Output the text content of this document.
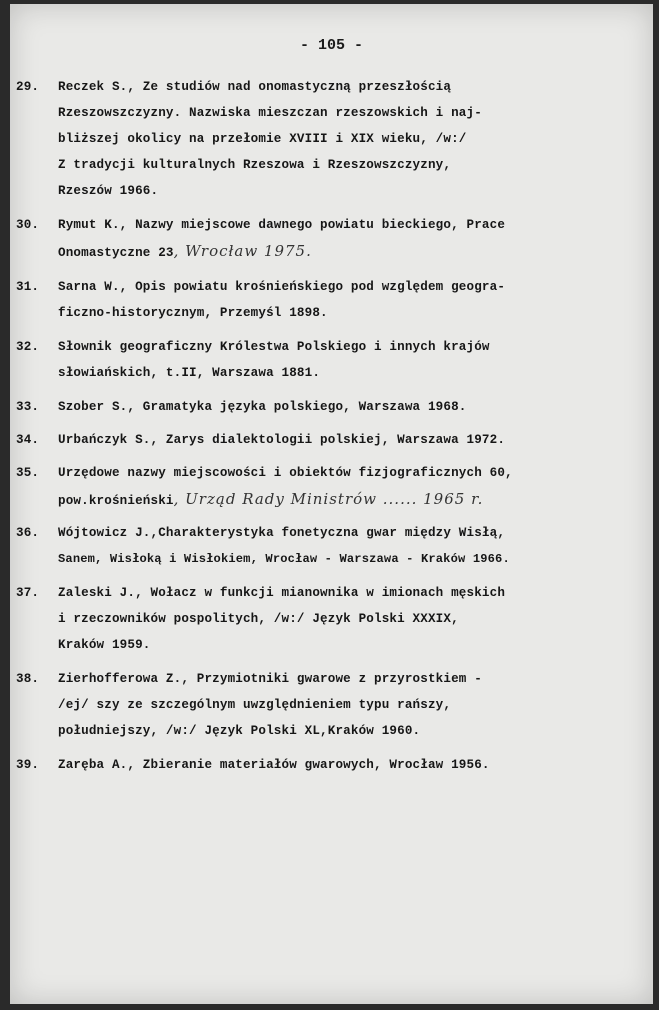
- 105 -
29.	Reczek S., Ze studiów nad onomastyczną przeszłością
Rzeszowszczyzny. Nazwiska mieszczan rzeszowskich i naj-
bliższej okolicy na przełomie XVIII i XIX wieku, /w:/
Z tradycji kulturalnych Rzeszowa i Rzeszowszczyzny,
Rzeszów 1966.
30.	Rymut K., Nazwy miejscowe dawnego powiatu bieckiego, Prace
Onomastyczne 23, Wrocław 1975.
31.	Sarna W., Opis powiatu krośnieńskiego pod względem geogra-
ficzno-historycznym, Przemyśl 1898.
32.	Słownik geograficzny Królestwa Polskiego i innych krajów
słowiańskich, t.II, Warszawa 1881.
33.	Szober S., Gramatyka języka polskiego, Warszawa 1968.
34.	Urbańczyk S., Zarys dialektologii polskiej, Warszawa 1972.
35.	Urzędowe nazwy miejscowości i obiektów fizjograficznych 60,
pow.krośnieński, Urząd Rady Ministrów ...... 1965 r.
36.	Wójtowicz J.,Charakterystyka fonetyczna gwar między Wisłą,
Sanem, Wisłoką i Wisłokiem, Wrocław - Warszawa - Kraków 1966.
37.	Zaleski J., Wołacz w funkcji mianownika w imionach męskich
i rzeczowników pospolitych, /w:/ Język Polski XXXIX,
Kraków 1959.
38.	Zierhofferowa Z., Przymiotniki gwarowe z przyrostkiem -
/ej/ szy ze szczególnym uwzględnieniem typu rańszy,
południejszy, /w:/ Język Polski XL,Kraków 1960.
39.	Zaręba A., Zbieranie materiałów gwarowych, Wrocław 1956.
